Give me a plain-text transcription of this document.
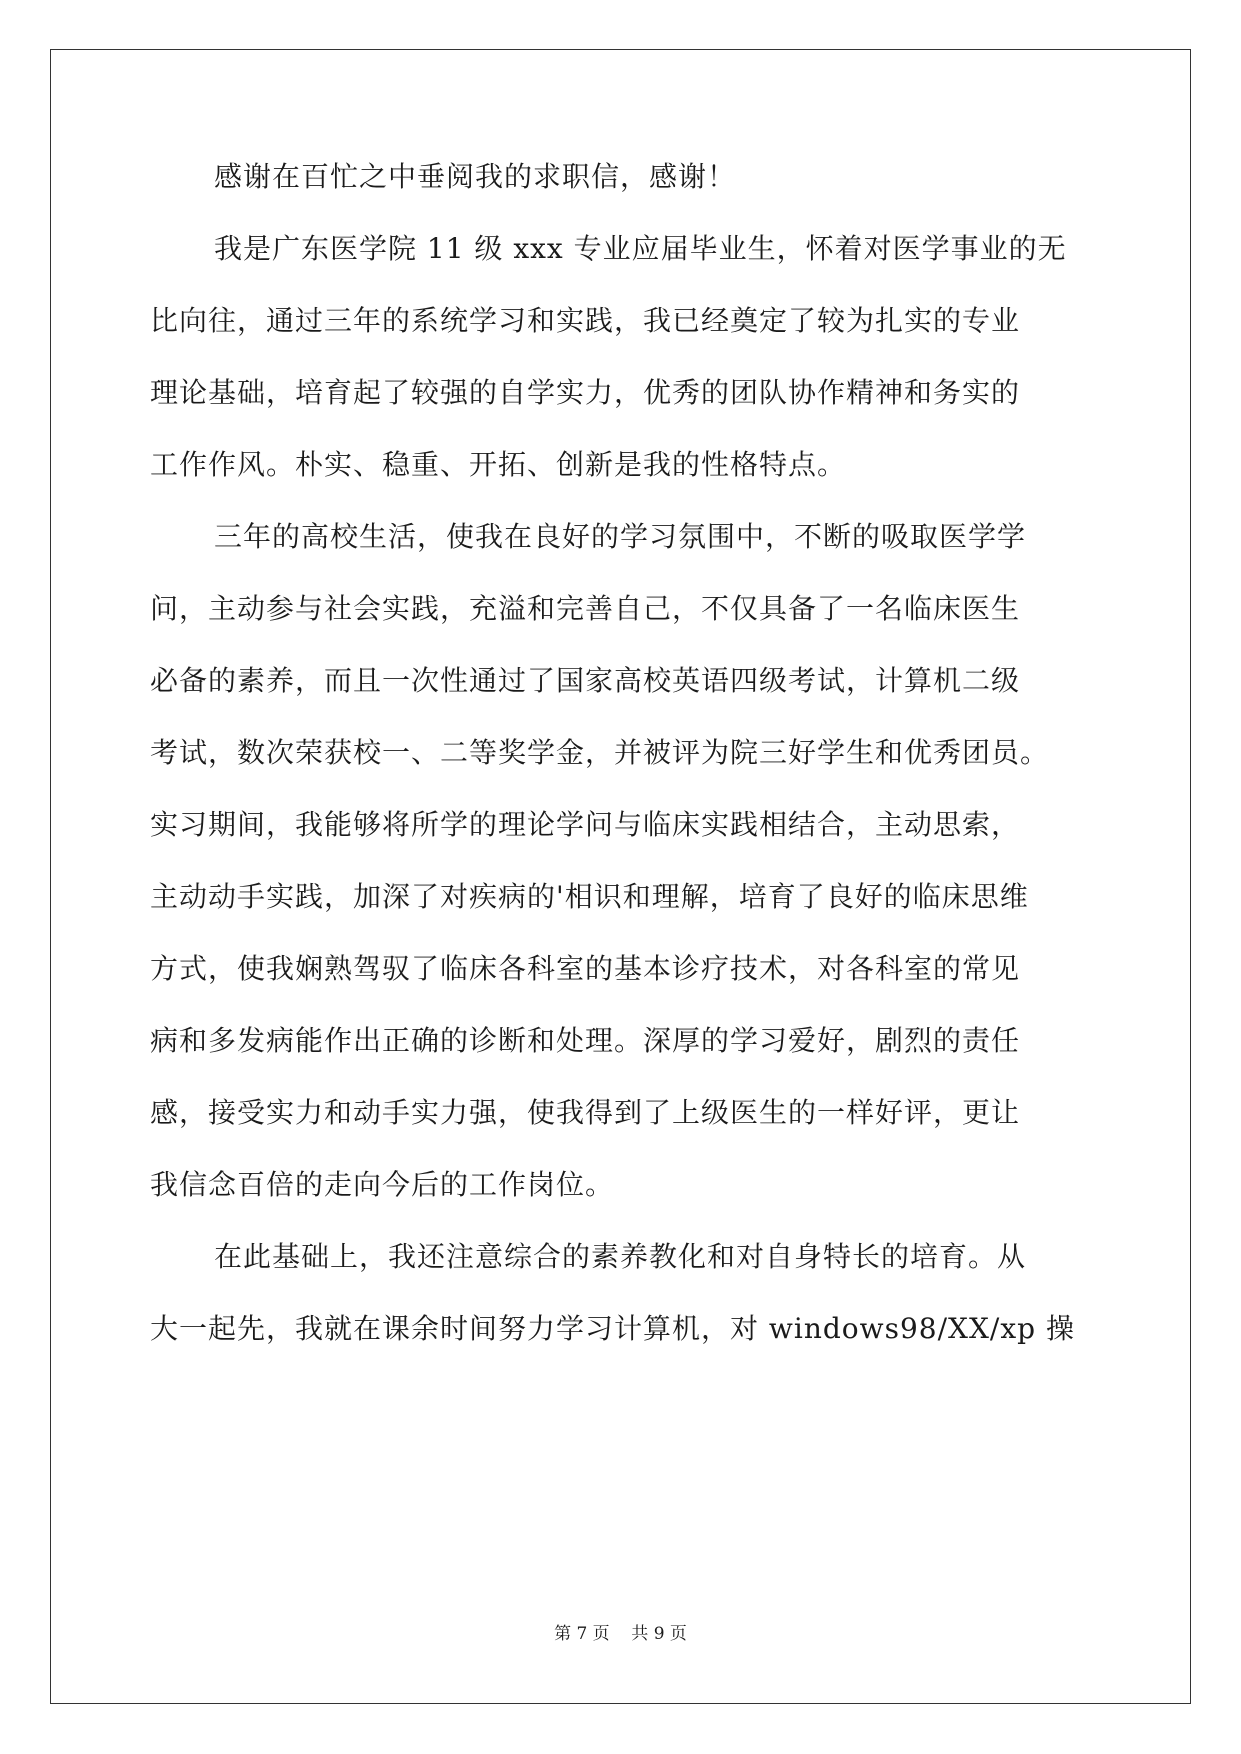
感谢在百忙之中垂阅我的求职信，感谢！
我是广东医学院 11 级 xxx 专业应届毕业生，怀着对医学事业的无
比向往，通过三年的系统学习和实践，我已经奠定了较为扎实的专业
理论基础，培育起了较强的自学实力，优秀的团队协作精神和务实的
工作作风。朴实、稳重、开拓、创新是我的性格特点。
三年的高校生活，使我在良好的学习氛围中，不断的吸取医学学
问，主动参与社会实践，充溢和完善自己，不仅具备了一名临床医生
必备的素养，而且一次性通过了国家高校英语四级考试，计算机二级
考试，数次荣获校一、二等奖学金，并被评为院三好学生和优秀团员。
实习期间，我能够将所学的理论学问与临床实践相结合，主动思索，
主动动手实践，加深了对疾病的'相识和理解，培育了良好的临床思维
方式，使我娴熟驾驭了临床各科室的基本诊疗技术，对各科室的常见
病和多发病能作出正确的诊断和处理。深厚的学习爱好，剧烈的责任
感，接受实力和动手实力强，使我得到了上级医生的一样好评，更让
我信念百倍的走向今后的工作岗位。
在此基础上，我还注意综合的素养教化和对自身特长的培育。从
大一起先，我就在课余时间努力学习计算机，对 windows98/XX/xp 操
第 7 页    共 9 页
